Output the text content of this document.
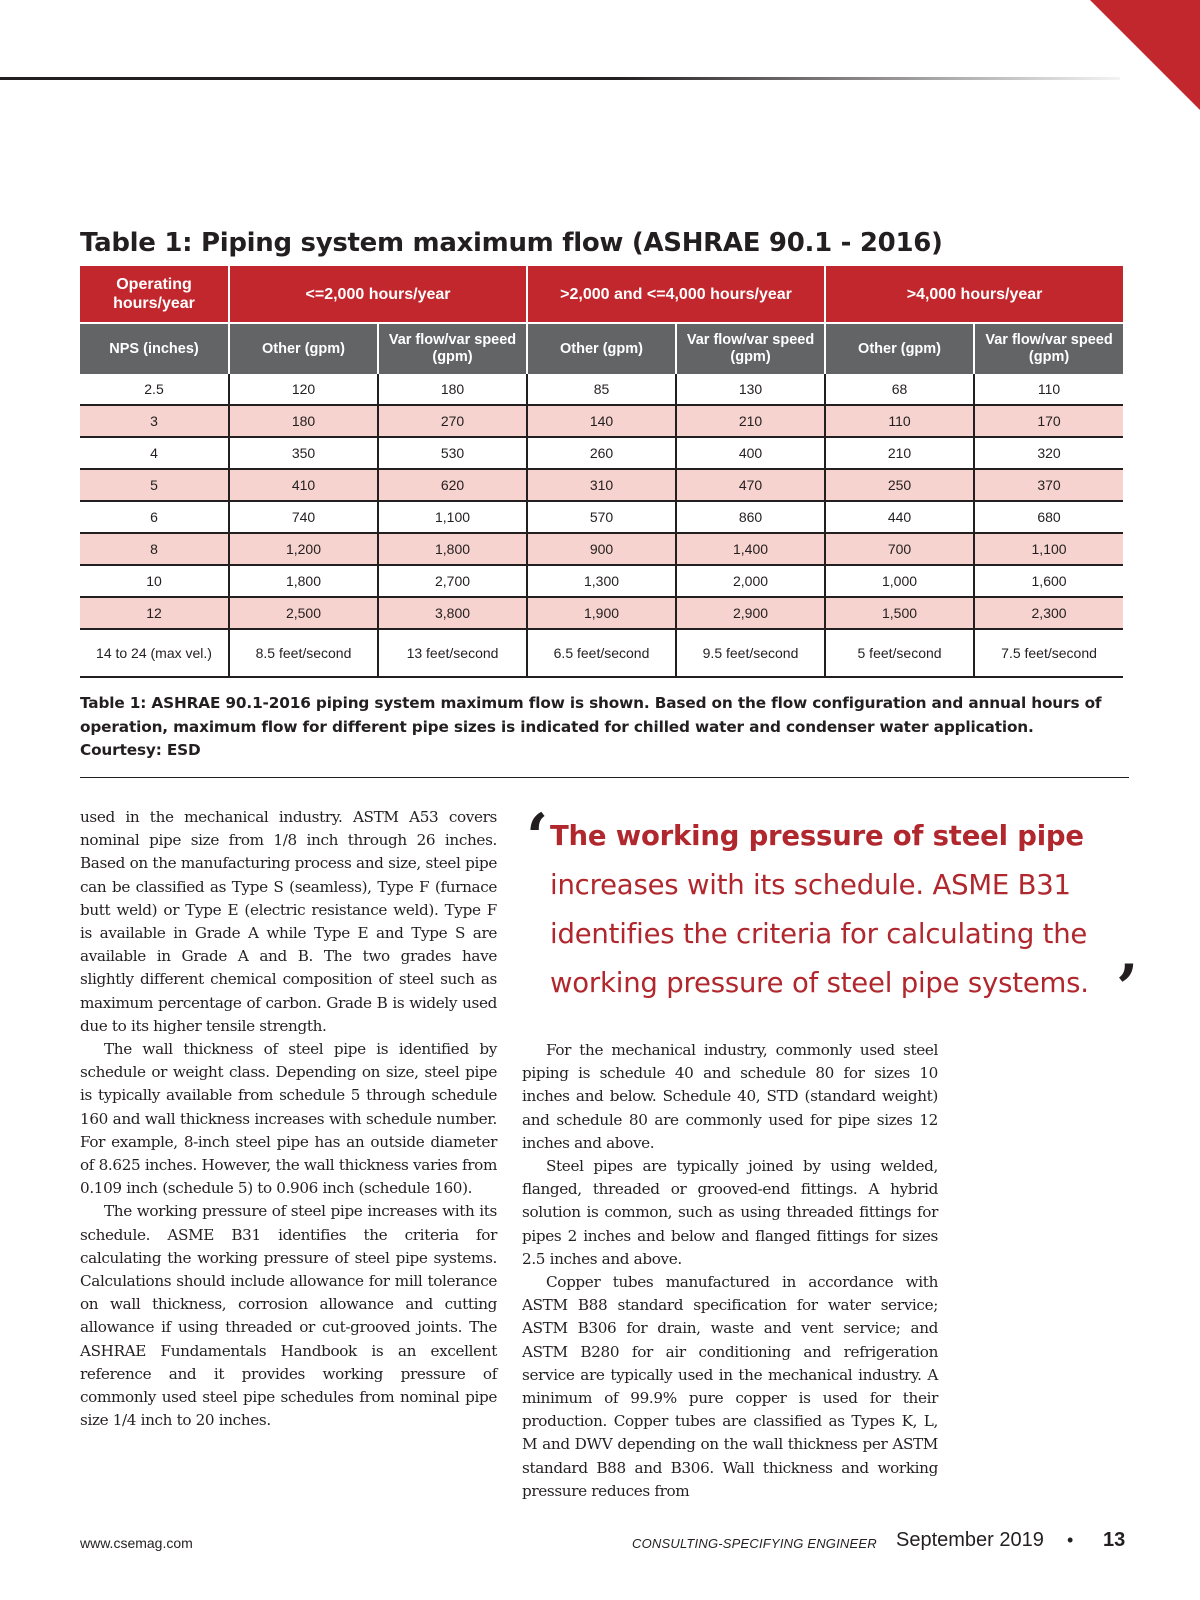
Table 1: Piping system maximum flow (ASHRAE 90.1 - 2016)
Operating hours/year	<=2,000 hours/year		>2,000 and <=4,000 hours/year		>4,000 hours/year	
NPS (inches)	Other (gpm)	Var flow/var speed (gpm)	Other (gpm)	Var flow/var speed (gpm)	Other (gpm)	Var flow/var speed (gpm)
2.5	120	180	85	130	68	110
3	180	270	140	210	110	170
4	350	530	260	400	210	320
5	410	620	310	470	250	370
6	740	1,100	570	860	440	680
8	1,200	1,800	900	1,400	700	1,100
10	1,800	2,700	1,300	2,000	1,000	1,600
12	2,500	3,800	1,900	2,900	1,500	2,300
14 to 24 (max vel.)	8.5 feet/second	13 feet/second	6.5 feet/second	9.5 feet/second	5 feet/second	7.5 feet/second

Table 1: ASHRAE 90.1-2016 piping system maximum flow is shown. Based on the flow configuration and annual hours of operation, maximum flow for different pipe sizes is indicated for chilled water and condenser water application. Courtesy: ESD

used in the mechanical industry. ASTM A53 covers nominal pipe size from 1/8 inch through 26 inches. Based on the manufacturing process and size, steel pipe can be classified as Type S (seamless), Type F (furnace butt weld) or Type E (electric resistance weld). Type F is available in Grade A while Type E and Type S are available in Grade A and B. The two grades have slightly different chemical composition of steel such as maximum percentage of carbon. Grade B is widely used due to its higher tensile strength.

The wall thickness of steel pipe is identified by schedule or weight class. Depending on size, steel pipe is typically available from schedule 5 through schedule 160 and wall thickness increases with schedule number. For example, 8-inch steel pipe has an outside diameter of 8.625 inches. However, the wall thickness varies from 0.109 inch (schedule 5) to 0.906 inch (schedule 160).

The working pressure of steel pipe increases with its schedule. ASME B31 identifies the criteria for calculating the working pressure of steel pipe systems. Calculations should include allowance for mill tolerance on wall thickness, corrosion allowance and cutting allowance if using threaded or cut-grooved joints. The ASHRAE Fundamentals Handbook is an excellent reference and it provides working pressure of commonly used steel pipe schedules from nominal pipe size 1/4 inch to 20 inches.

‘ The working pressure of steel pipe
increases with its schedule. ASME B31
identifies the criteria for calculating the
working pressure of steel pipe systems. ’

For the mechanical industry, commonly used steel piping is schedule 40 and schedule 80 for sizes 10 inches and below. Schedule 40, STD (standard weight) and schedule 80 are commonly used for pipe sizes 12 inches and above.

Steel pipes are typically joined by using welded, flanged, threaded or grooved-end fittings. A hybrid solution is common, such as using threaded fittings for pipes 2 inches and below and flanged fittings for sizes 2.5 inches and above.

Copper tubes manufactured in accordance with ASTM B88 standard specification for water service; ASTM B306 for drain, waste and vent service; and ASTM B280 for air conditioning and refrigeration service are typically used in the mechanical industry. A minimum of 99.9% pure copper is used for their production. Copper tubes are classified as Types K, L, M and DWV depending on the wall thickness per ASTM standard B88 and B306. Wall thickness and working pressure reduces from

www.csemag.com	CONSULTING-SPECIFYING ENGINEER September 2019 • 13
